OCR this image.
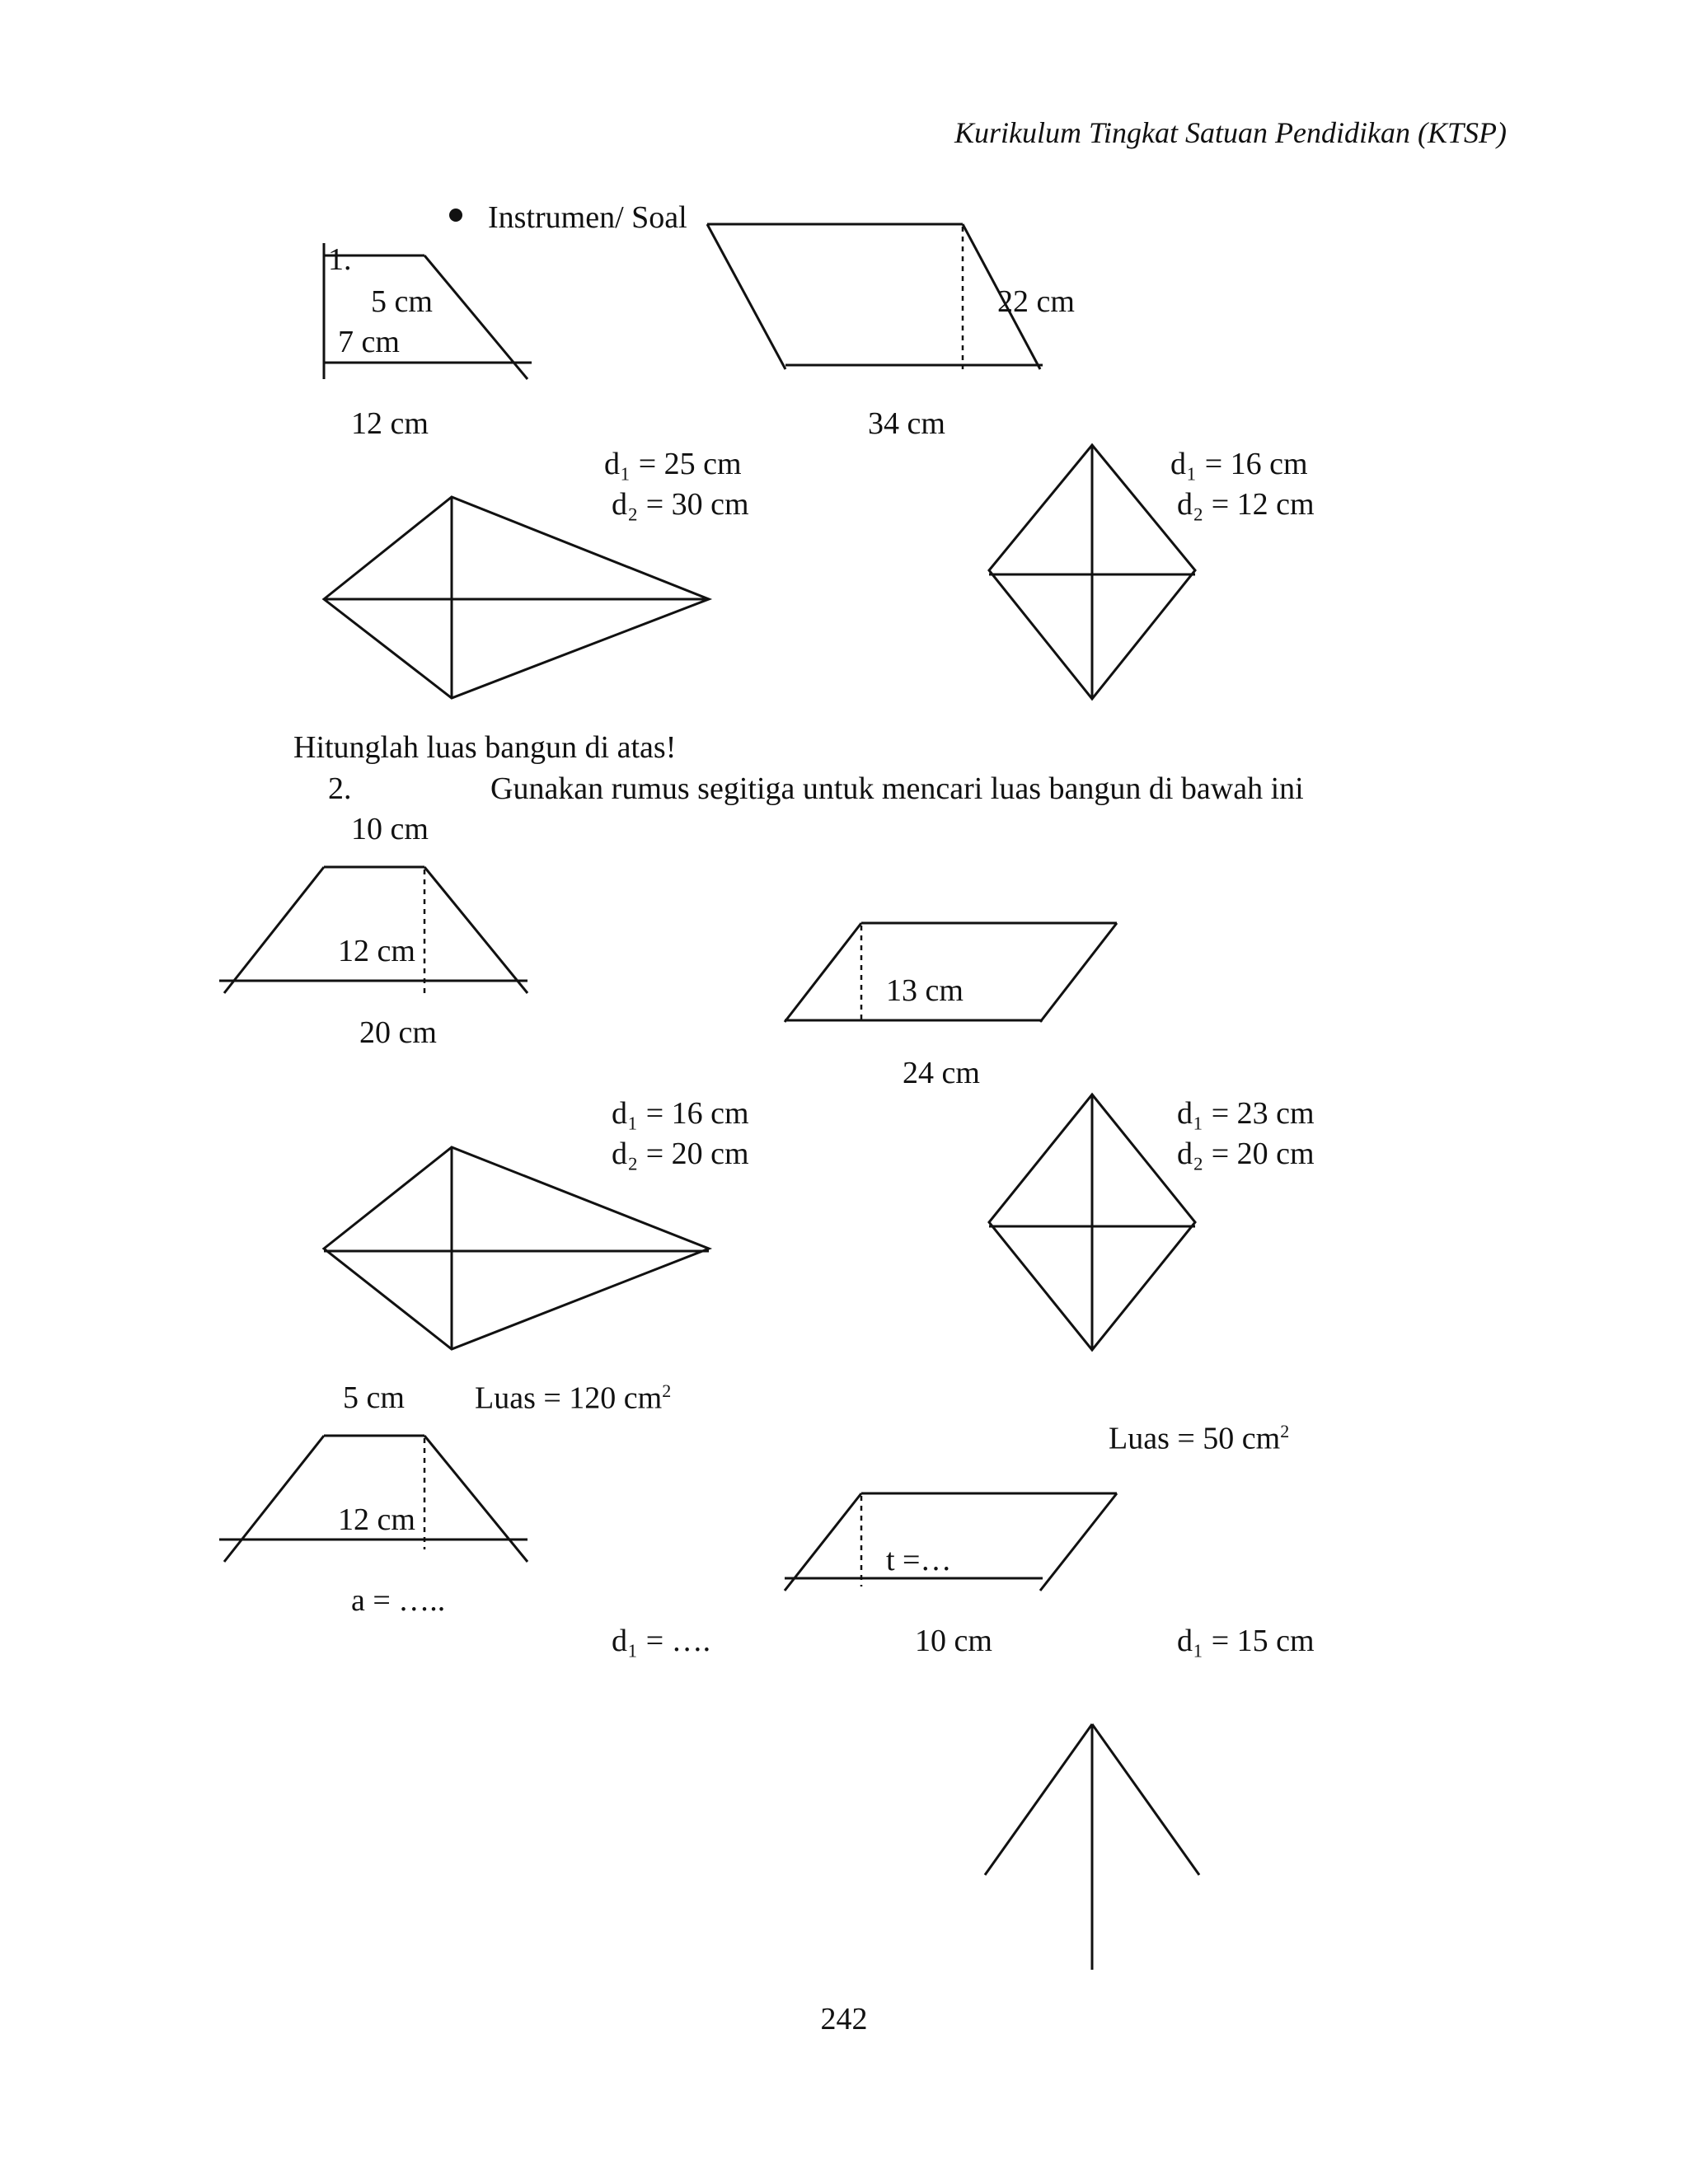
Kurikulum Tingkat Satuan Pendidikan (KTSP)
Instrumen/ Soal
1.
5 cm
7 cm
12 cm
22 cm
34 cm
d₁ = 25 cm
d₂ = 30 cm
d₁ = 16 cm
d₂ = 12 cm
Hitunglah luas bangun di atas!
2.	Gunakan rumus segitiga untuk mencari luas bangun di bawah ini
10 cm
12 cm
20 cm
13 cm
24 cm
d₁ = 16 cm
d₂ = 20 cm
d₁ = 23 cm
d₂ = 20 cm
5 cm Luas = 120 $cm^2$
Luas = 50 $cm^2$
12 cm
t =…
a = …..
d₁ = ….	10 cm	d₁ = 15 cm
242
